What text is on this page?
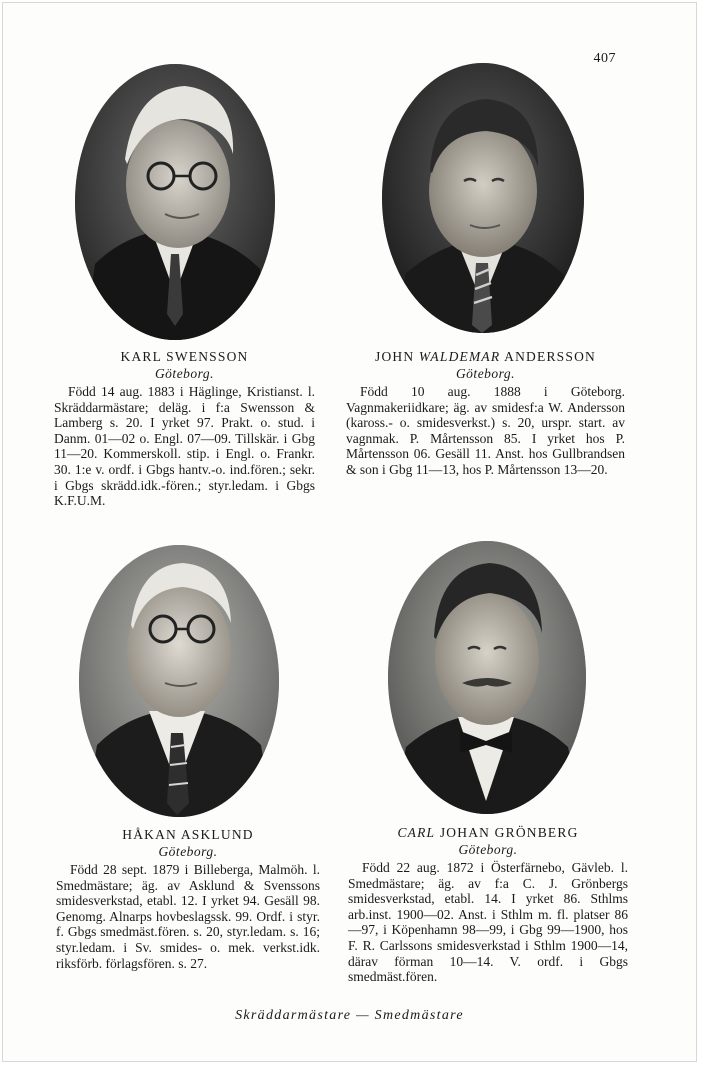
407

KARL SWENSSON

Göteborg.

Född 14 aug. 1883 i Häglinge, Kristianst. l. Skräddarmästare; deläg. i f:a Swensson & Lamberg s. 20. I yrket 97. Prakt. o. stud. i Danm. 01—02 o. Engl. 07—09. Tillskär. i Gbg 11—20. Kommerskoll. stip. i Engl. o. Frankr. 30. 1:e v. ordf. i Gbgs hantv.-o. ind.fören.; sekr. i Gbgs skrädd.idk.-fören.; styr.ledam. i Gbgs K.F.U.M.

JOHN WALDEMAR ANDERSSON

Göteborg.

Född 10 aug. 1888 i Göteborg. Vagnmakeriidkare; äg. av smidesf:a W. Andersson (kaross.- o. smidesverkst.) s. 20, urspr. start. av vagnmak. P. Mårtensson 85. I yrket hos P. Mårtensson 06. Gesäll 11. Anst. hos Gullbrandsen & son i Gbg 11—13, hos P. Mårtensson 13—20.

HÅKAN ASKLUND

Göteborg.

Född 28 sept. 1879 i Billeberga, Malmöh. l. Smedmästare; äg. av Asklund & Svenssons smidesverkstad, etabl. 12. I yrket 94. Gesäll 98. Genomg. Alnarps hovbeslagssk. 99. Ordf. i styr. f. Gbgs smedmäst.fören. s. 20, styr.ledam. s. 16; styr.ledam. i Sv. smides- o. mek. verkst.idk. riksförb. förlagsfören. s. 27.

CARL JOHAN GRÖNBERG

Göteborg.

Född 22 aug. 1872 i Österfärnebo, Gävleb. l. Smedmästare; äg. av f:a C. J. Grönbergs smidesverkstad, etabl. 14. I yrket 86. Sthlms arb.inst. 1900—02. Anst. i Sthlm m. fl. platser 86—97, i Köpenhamn 98—99, i Gbg 99—1900, hos F. R. Carlssons smidesverkstad i Sthlm 1900—14, därav förman 10—14. V. ordf. i Gbgs smedmäst.fören.

Skräddarmästare — Smedmästare
